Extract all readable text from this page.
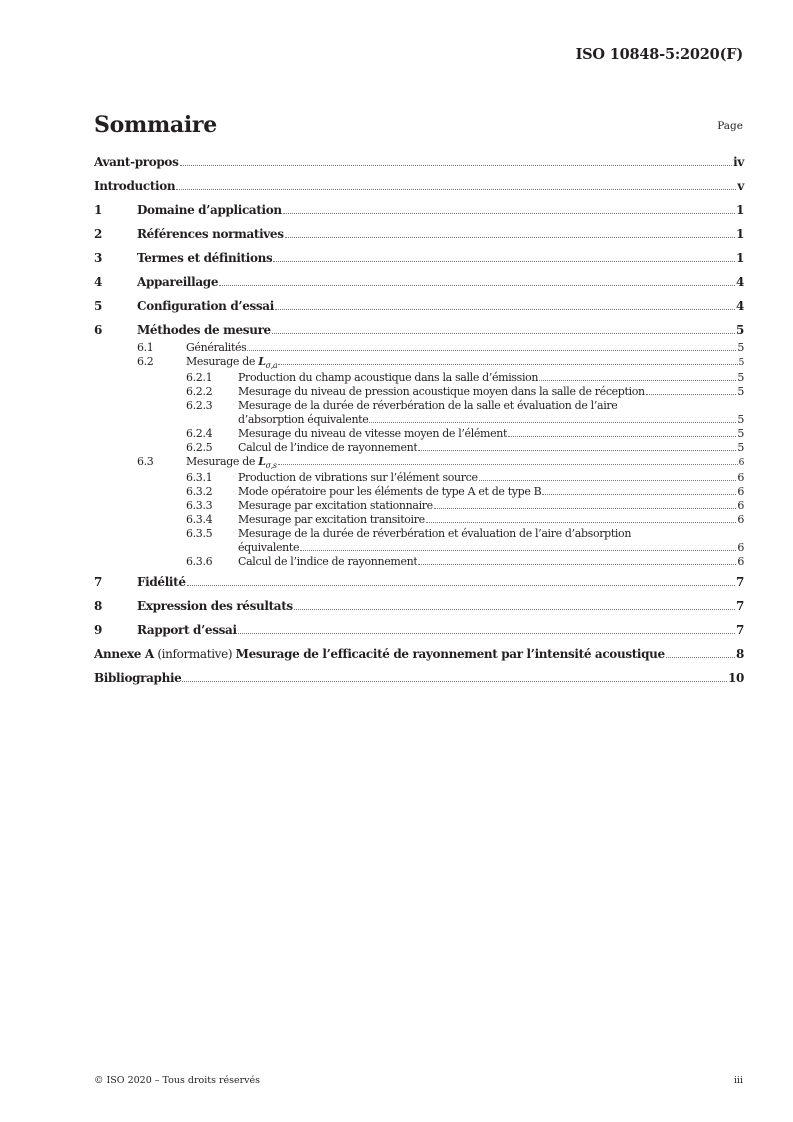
ISO 10848-5:2020(F)
Sommaire	Page
Avant-propos	iv
Introduction	v
1	Domaine d’application	1
2	Références normatives	1
3	Termes et définitions	1
4	Appareillage	4
5	Configuration d’essai	4
6	Méthodes de mesure	5
6.1	Généralités	5
6.2	Mesurage de $L_{\sigma,a}$	5
6.2.1	Production du champ acoustique dans la salle d’émission	5
6.2.2	Mesurage du niveau de pression acoustique moyen dans la salle de réception	5
6.2.3	Mesurage de la durée de réverbération de la salle et évaluation de l’aire
d’absorption équivalente	5
6.2.4	Mesurage du niveau de vitesse moyen de l’élément	5
6.2.5	Calcul de l’indice de rayonnement	5
6.3	Mesurage de $L_{\sigma,s}$	6
6.3.1	Production de vibrations sur l’élément source	6
6.3.2	Mode opératoire pour les éléments de type A et de type B	6
6.3.3	Mesurage par excitation stationnaire	6
6.3.4	Mesurage par excitation transitoire	6
6.3.5	Mesurage de la durée de réverbération et évaluation de l’aire d’absorption
équivalente	6
6.3.6	Calcul de l’indice de rayonnement	6
7	Fidélité	7
8	Expression des résultats	7
9	Rapport d’essai	7
Annexe A (informative) Mesurage de l’efficacité de rayonnement par l’intensité acoustique	8
Bibliographie	10
© ISO 2020 – Tous droits réservés	iii
